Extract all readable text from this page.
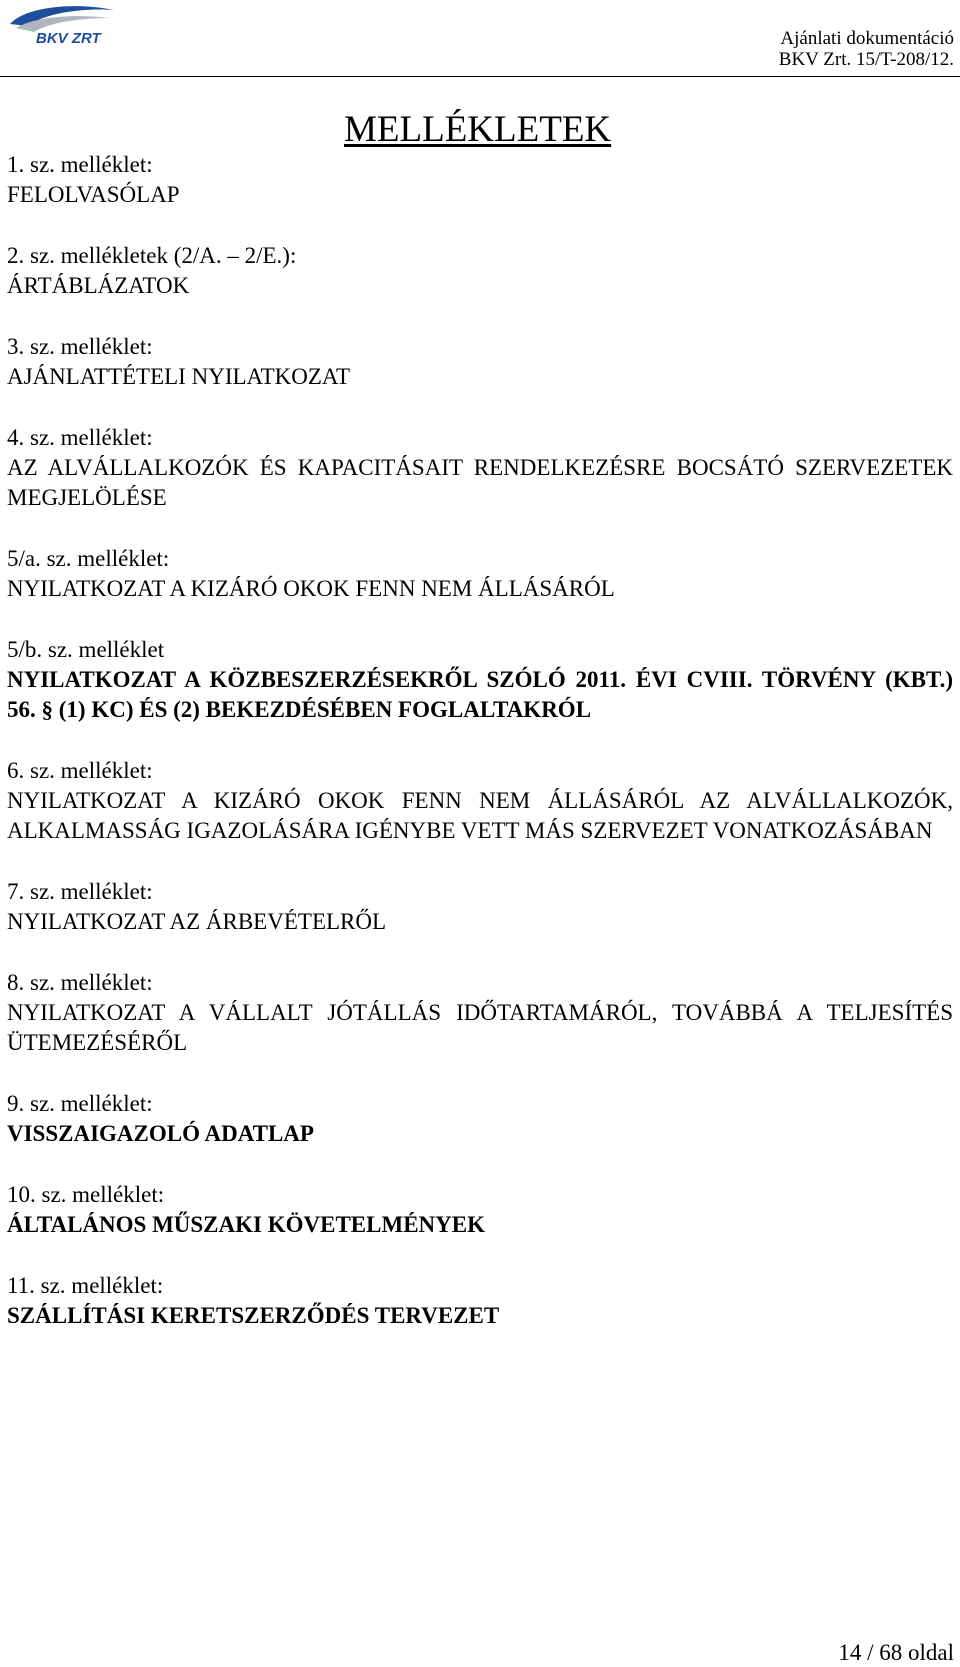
BKV ZRT	Ajánlati dokumentáció
BKV Zrt. 15/T-208/12.
MELLÉKLETEK
1. sz. melléklet:
FELOLVASÓLAP
2. sz. mellékletek (2/A. – 2/E.):
ÁRTÁBLÁZATOK
3. sz. melléklet:
AJÁNLATTÉTELI NYILATKOZAT
4. sz. melléklet:
AZ ALVÁLLALKOZÓK ÉS KAPACITÁSAIT RENDELKEZÉSRE BOCSÁTÓ SZERVEZETEK MEGJELÖLÉSE
5/a. sz. melléklet:
NYILATKOZAT A KIZÁRÓ OKOK FENN NEM ÁLLÁSÁRÓL
5/b. sz. melléklet
NYILATKOZAT A KÖZBESZERZÉSEKRŐL SZÓLÓ 2011. ÉVI CVIII. TÖRVÉNY (KBT.) 56. § (1) KC) ÉS (2) BEKEZDÉSÉBEN FOGLALTAKRÓL
6. sz. melléklet:
NYILATKOZAT A KIZÁRÓ OKOK FENN NEM ÁLLÁSÁRÓL AZ ALVÁLLALKOZÓK, ALKALMASSÁG IGAZOLÁSÁRA IGÉNYBE VETT MÁS SZERVEZET VONATKOZÁSÁBAN
7. sz. melléklet:
NYILATKOZAT AZ ÁRBEVÉTELRŐL
8. sz. melléklet:
NYILATKOZAT A VÁLLALT JÓTÁLLÁS IDŐTARTAMÁRÓL, TOVÁBBÁ A TELJESÍTÉS ÜTEMEZÉSÉRŐL
9. sz. melléklet:
VISSZAIGAZOLÓ ADATLAP
10. sz. melléklet:
ÁLTALÁNOS MŰSZAKI KÖVETELMÉNYEK
11. sz. melléklet:
SZÁLLÍTÁSI KERETSZERZŐDÉS TERVEZET
14 / 68 oldal
